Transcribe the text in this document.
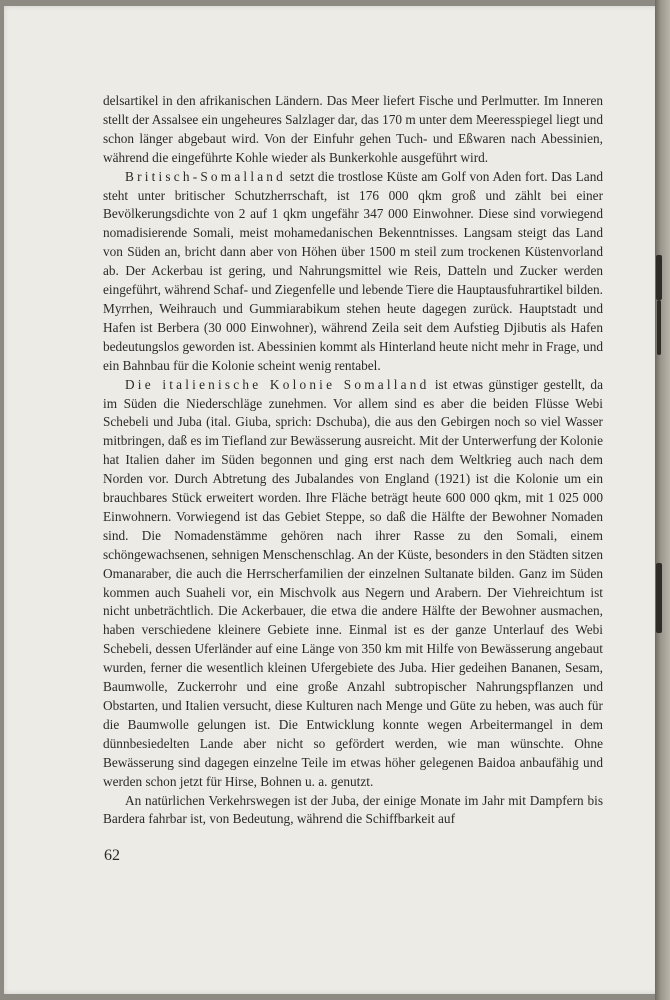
delsartikel in den afrikanischen Ländern. Das Meer liefert Fische und Perlmutter. Im Inneren stellt der Assalsee ein ungeheures Salzlager dar, das 170 m unter dem Meeresspiegel liegt und schon länger abgebaut wird. Von der Einfuhr gehen Tuch- und Eßwaren nach Abessinien, während die eingeführte Kohle wieder als Bunkerkohle ausgeführt wird.

Britisch-Somalland setzt die trostlose Küste am Golf von Aden fort. Das Land steht unter britischer Schutzherrschaft, ist 176 000 qkm groß und zählt bei einer Bevölkerungsdichte von 2 auf 1 qkm ungefähr 347 000 Einwohner. Diese sind vorwiegend nomadisierende Somali, meist mohamedanischen Bekenntnisses. Langsam steigt das Land von Süden an, bricht dann aber von Höhen über 1500 m steil zum trockenen Küstenvorland ab. Der Ackerbau ist gering, und Nahrungsmittel wie Reis, Datteln und Zucker werden eingeführt, während Schaf- und Ziegenfelle und lebende Tiere die Hauptausfuhrartikel bilden. Myrrhen, Weihrauch und Gummiarabikum stehen heute dagegen zurück. Hauptstadt und Hafen ist Berbera (30 000 Einwohner), während Zeila seit dem Aufstieg Djibutis als Hafen bedeutungslos geworden ist. Abessinien kommt als Hinterland heute nicht mehr in Frage, und ein Bahnbau für die Kolonie scheint wenig rentabel.

Die italienische Kolonie Somalland ist etwas günstiger gestellt, da im Süden die Niederschläge zunehmen. Vor allem sind es aber die beiden Flüsse Webi Schebeli und Juba (ital. Giuba, sprich: Dschuba), die aus den Gebirgen noch so viel Wasser mitbringen, daß es im Tiefland zur Bewässerung ausreicht. Mit der Unterwerfung der Kolonie hat Italien daher im Süden begonnen und ging erst nach dem Weltkrieg auch nach dem Norden vor. Durch Abtretung des Jubalandes von England (1921) ist die Kolonie um ein brauchbares Stück erweitert worden. Ihre Fläche beträgt heute 600 000 qkm, mit 1 025 000 Einwohnern. Vorwiegend ist das Gebiet Steppe, so daß die Hälfte der Bewohner Nomaden sind. Die Nomadenstämme gehören nach ihrer Rasse zu den Somali, einem schöngewachsenen, sehnigen Menschenschlag. An der Küste, besonders in den Städten sitzen Omanaraber, die auch die Herrscherfamilien der einzelnen Sultanate bilden. Ganz im Süden kommen auch Suaheli vor, ein Mischvolk aus Negern und Arabern. Der Viehreichtum ist nicht unbeträchtlich. Die Ackerbauer, die etwa die andere Hälfte der Bewohner ausmachen, haben verschiedene kleinere Gebiete inne. Einmal ist es der ganze Unterlauf des Webi Schebeli, dessen Uferländer auf eine Länge von 350 km mit Hilfe von Bewässerung angebaut wurden, ferner die wesentlich kleinen Ufergebiete des Juba. Hier gedeihen Bananen, Sesam, Baumwolle, Zuckerrohr und eine große Anzahl subtropischer Nahrungspflanzen und Obstarten, und Italien versucht, diese Kulturen nach Menge und Güte zu heben, was auch für die Baumwolle gelungen ist. Die Entwicklung konnte wegen Arbeitermangel in dem dünnbesiedelten Lande aber nicht so gefördert werden, wie man wünschte. Ohne Bewässerung sind dagegen einzelne Teile im etwas höher gelegenen Baidoa anbaufähig und werden schon jetzt für Hirse, Bohnen u. a. genutzt.

An natürlichen Verkehrswegen ist der Juba, der einige Monate im Jahr mit Dampfern bis Bardera fahrbar ist, von Bedeutung, während die Schiffbarkeit auf

62
